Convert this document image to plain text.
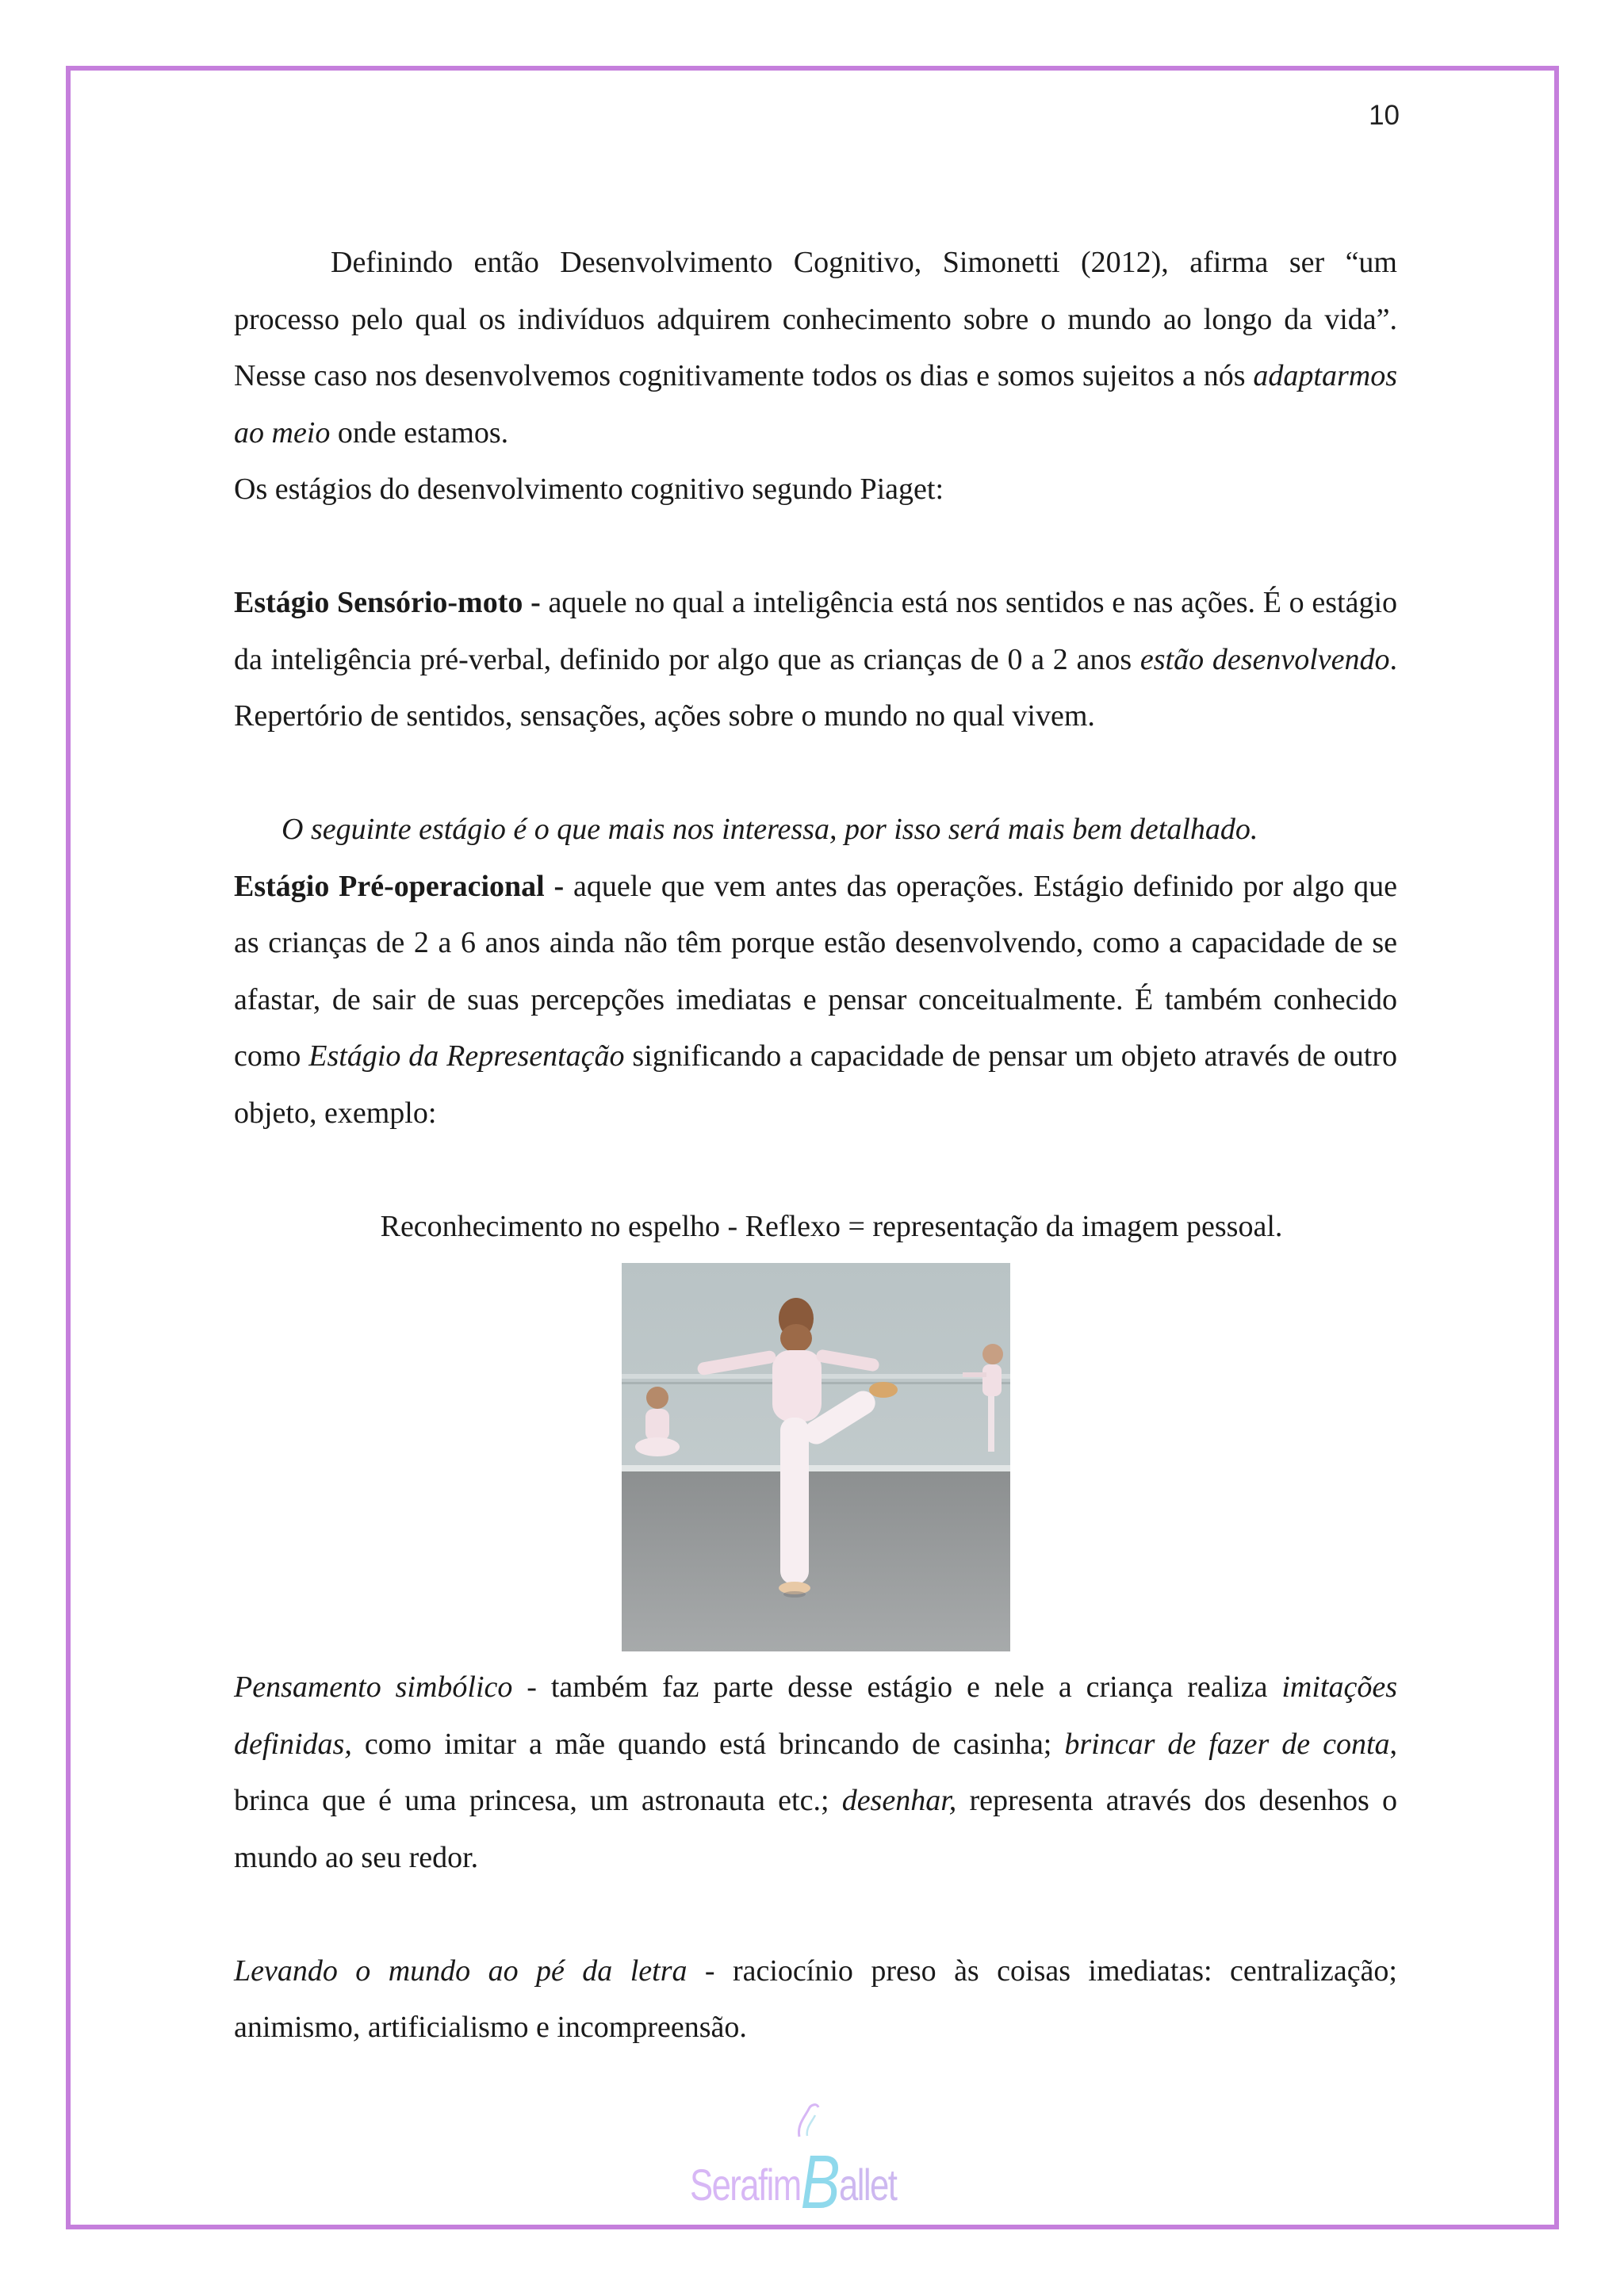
10

Definindo então Desenvolvimento Cognitivo, Simonetti (2012), afirma ser “um processo pelo qual os indivíduos adquirem conhecimento sobre o mundo ao longo da vida”. Nesse caso nos desenvolvemos cognitivamente todos os dias e somos sujeitos a nós adaptarmos ao meio onde estamos.

Os estágios do desenvolvimento cognitivo segundo Piaget:

Estágio Sensório-moto - aquele no qual a inteligência está nos sentidos e nas ações. É o estágio da inteligência pré-verbal, definido por algo que as crianças de 0 a 2 anos estão desenvolvendo. Repertório de sentidos, sensações, ações sobre o mundo no qual vivem.

O seguinte estágio é o que mais nos interessa, por isso será mais bem detalhado.

Estágio Pré-operacional - aquele que vem antes das operações. Estágio definido por algo que as crianças de 2 a 6 anos ainda não têm porque estão desenvolvendo, como a capacidade de se afastar, de sair de suas percepções imediatas e pensar conceitualmente. É também conhecido como Estágio da Representação significando a capacidade de pensar um objeto através de outro objeto, exemplo:

Reconhecimento no espelho - Reflexo = representação da imagem pessoal.

Pensamento simbólico - também faz parte desse estágio e nele a criança realiza imitações definidas, como imitar a mãe quando está brincando de casinha; brincar de fazer de conta, brinca que é uma princesa, um astronauta etc.; desenhar, representa através dos desenhos o mundo ao seu redor.

Levando o mundo ao pé da letra - raciocínio preso às coisas imediatas: centralização; animismo, artificialismo e incompreensão.

SerafimBallet
